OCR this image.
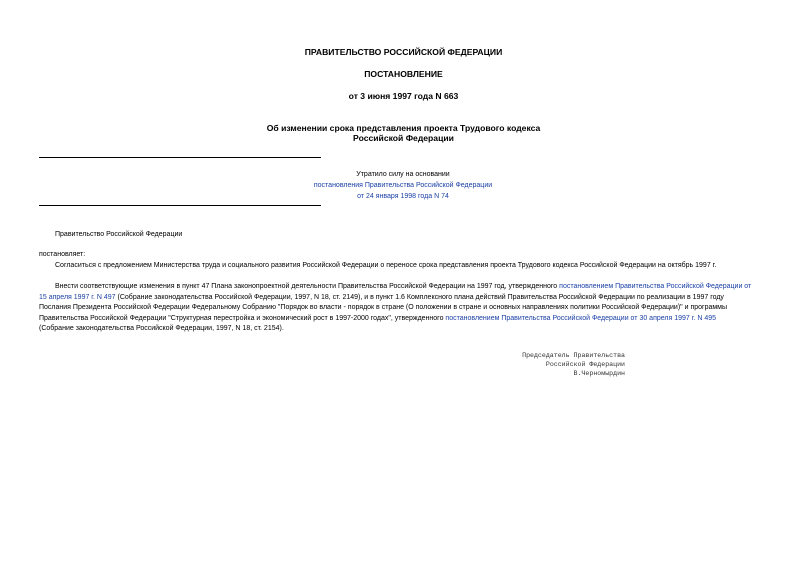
ПРАВИТЕЛЬСТВО РОССИЙСКОЙ ФЕДЕРАЦИИ
ПОСТАНОВЛЕНИЕ
от 3 июня 1997 года N 663
Об изменении срока представления проекта Трудового кодекса
Российской Федерации
Утратило силу на основании
постановления Правительства Российской Федерации
от 24 января 1998 года N 74
Правительство Российской Федерации
постановляет:
Согласиться с предложением Министерства труда и социального развития Российской Федерации о переносе срока представления проекта Трудового кодекса Российской Федерации на октябрь 1997 г.
Внести соответствующие изменения в пункт 47 Плана законопроектной деятельности Правительства Российской Федерации на 1997 год, утвержденного постановлением Правительства Российской Федерации от
15 апреля 1997 г. N 497 (Собрание законодательства Российской Федерации, 1997, N 18, ст. 2149), и в пункт 1.6 Комплексного плана действий Правительства Российской Федерации по реализации в 1997 году
Послания Президента Российской Федерации Федеральному Собранию "Порядок во власти - порядок в стране (О положении в стране и основных направлениях политики Российской Федерации)" и программы
Правительства Российской Федерации "Структурная перестройка и экономический рост в 1997-2000 годах", утвержденного постановлением Правительства Российской Федерации от 30 апреля 1997 г. N 495
(Собрание законодательства Российской Федерации, 1997, N 18, ст. 2154).
Председатель Правительства
Российской Федерации
В.Черномырдин
